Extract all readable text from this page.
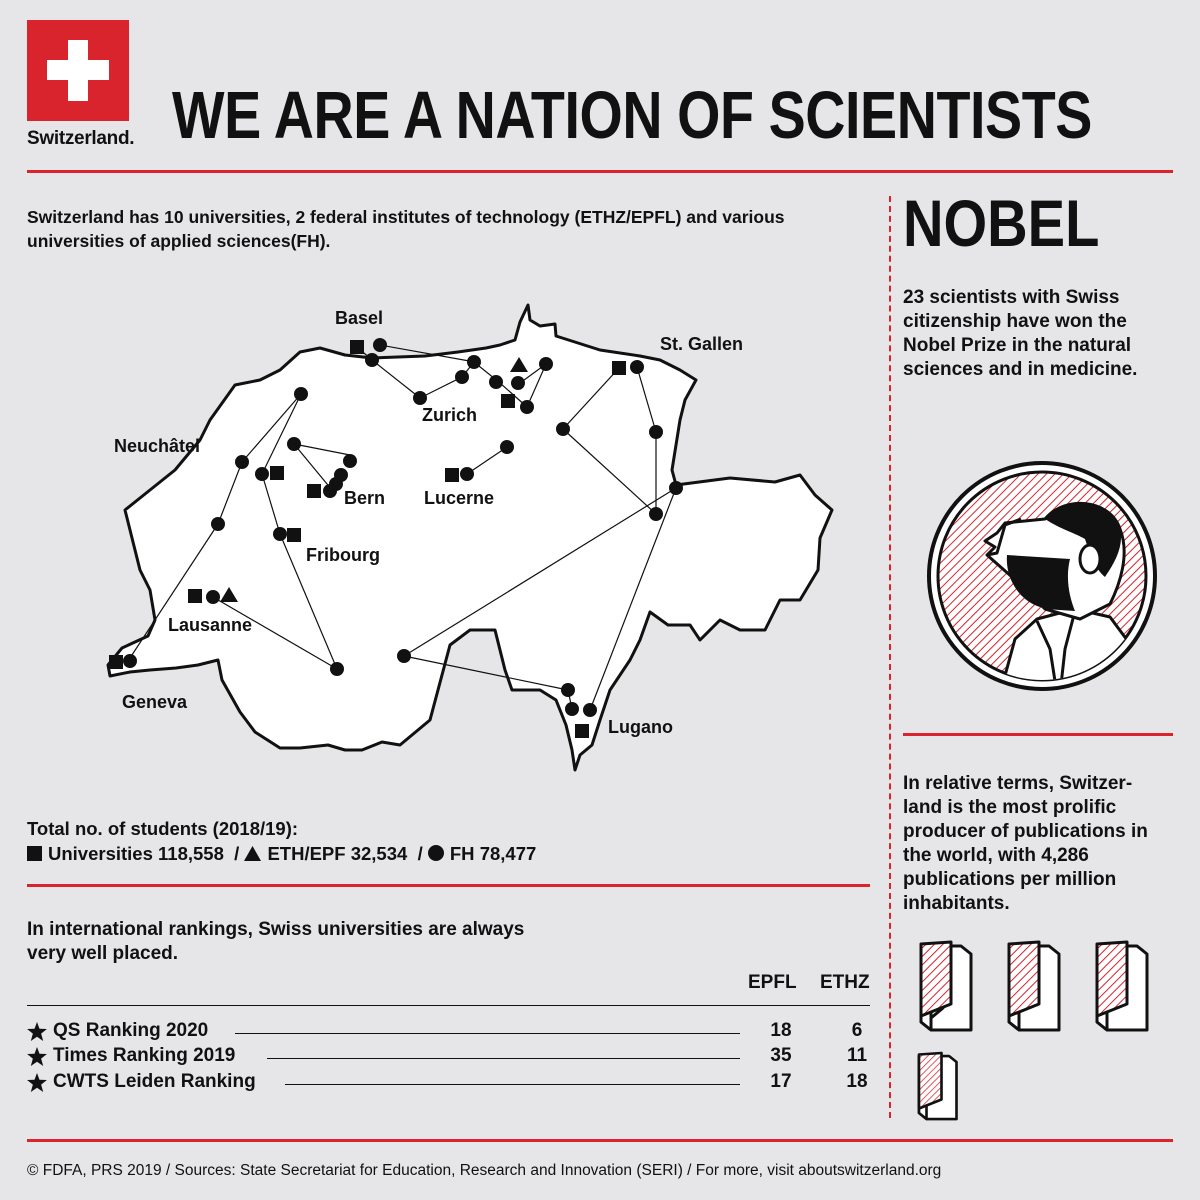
Switzerland. WE ARE A NATION OF SCIENTISTS
Switzerland has 10 universities, 2 federal institutes of technology (ETHZ/EPFL) and various universities of applied sciences(FH).
Basel
St. Gallen
Zurich
Neuchâtel
Bern Lucerne
Fribourg
Lausanne
Geneva
Lugano
Total no. of students (2018/19):
Universities 118,558 / ETH/EPF 32,534 / FH 78,477
In international rankings, Swiss universities are always very well placed.
EPFL ETHZ
QS Ranking 2020	18	6
Times Ranking 2019	35	11
CWTS Leiden Ranking	17	18
NOBEL
23 scientists with Swiss citizenship have won the Nobel Prize in the natural sciences and in medicine.
In relative terms, Switzer-land is the most prolific producer of publications in the world, with 4,286 publications per million inhabitants.
© FDFA, PRS 2019 / Sources: State Secretariat for Education, Research and Innovation (SERI) / For more, visit aboutswitzerland.org
